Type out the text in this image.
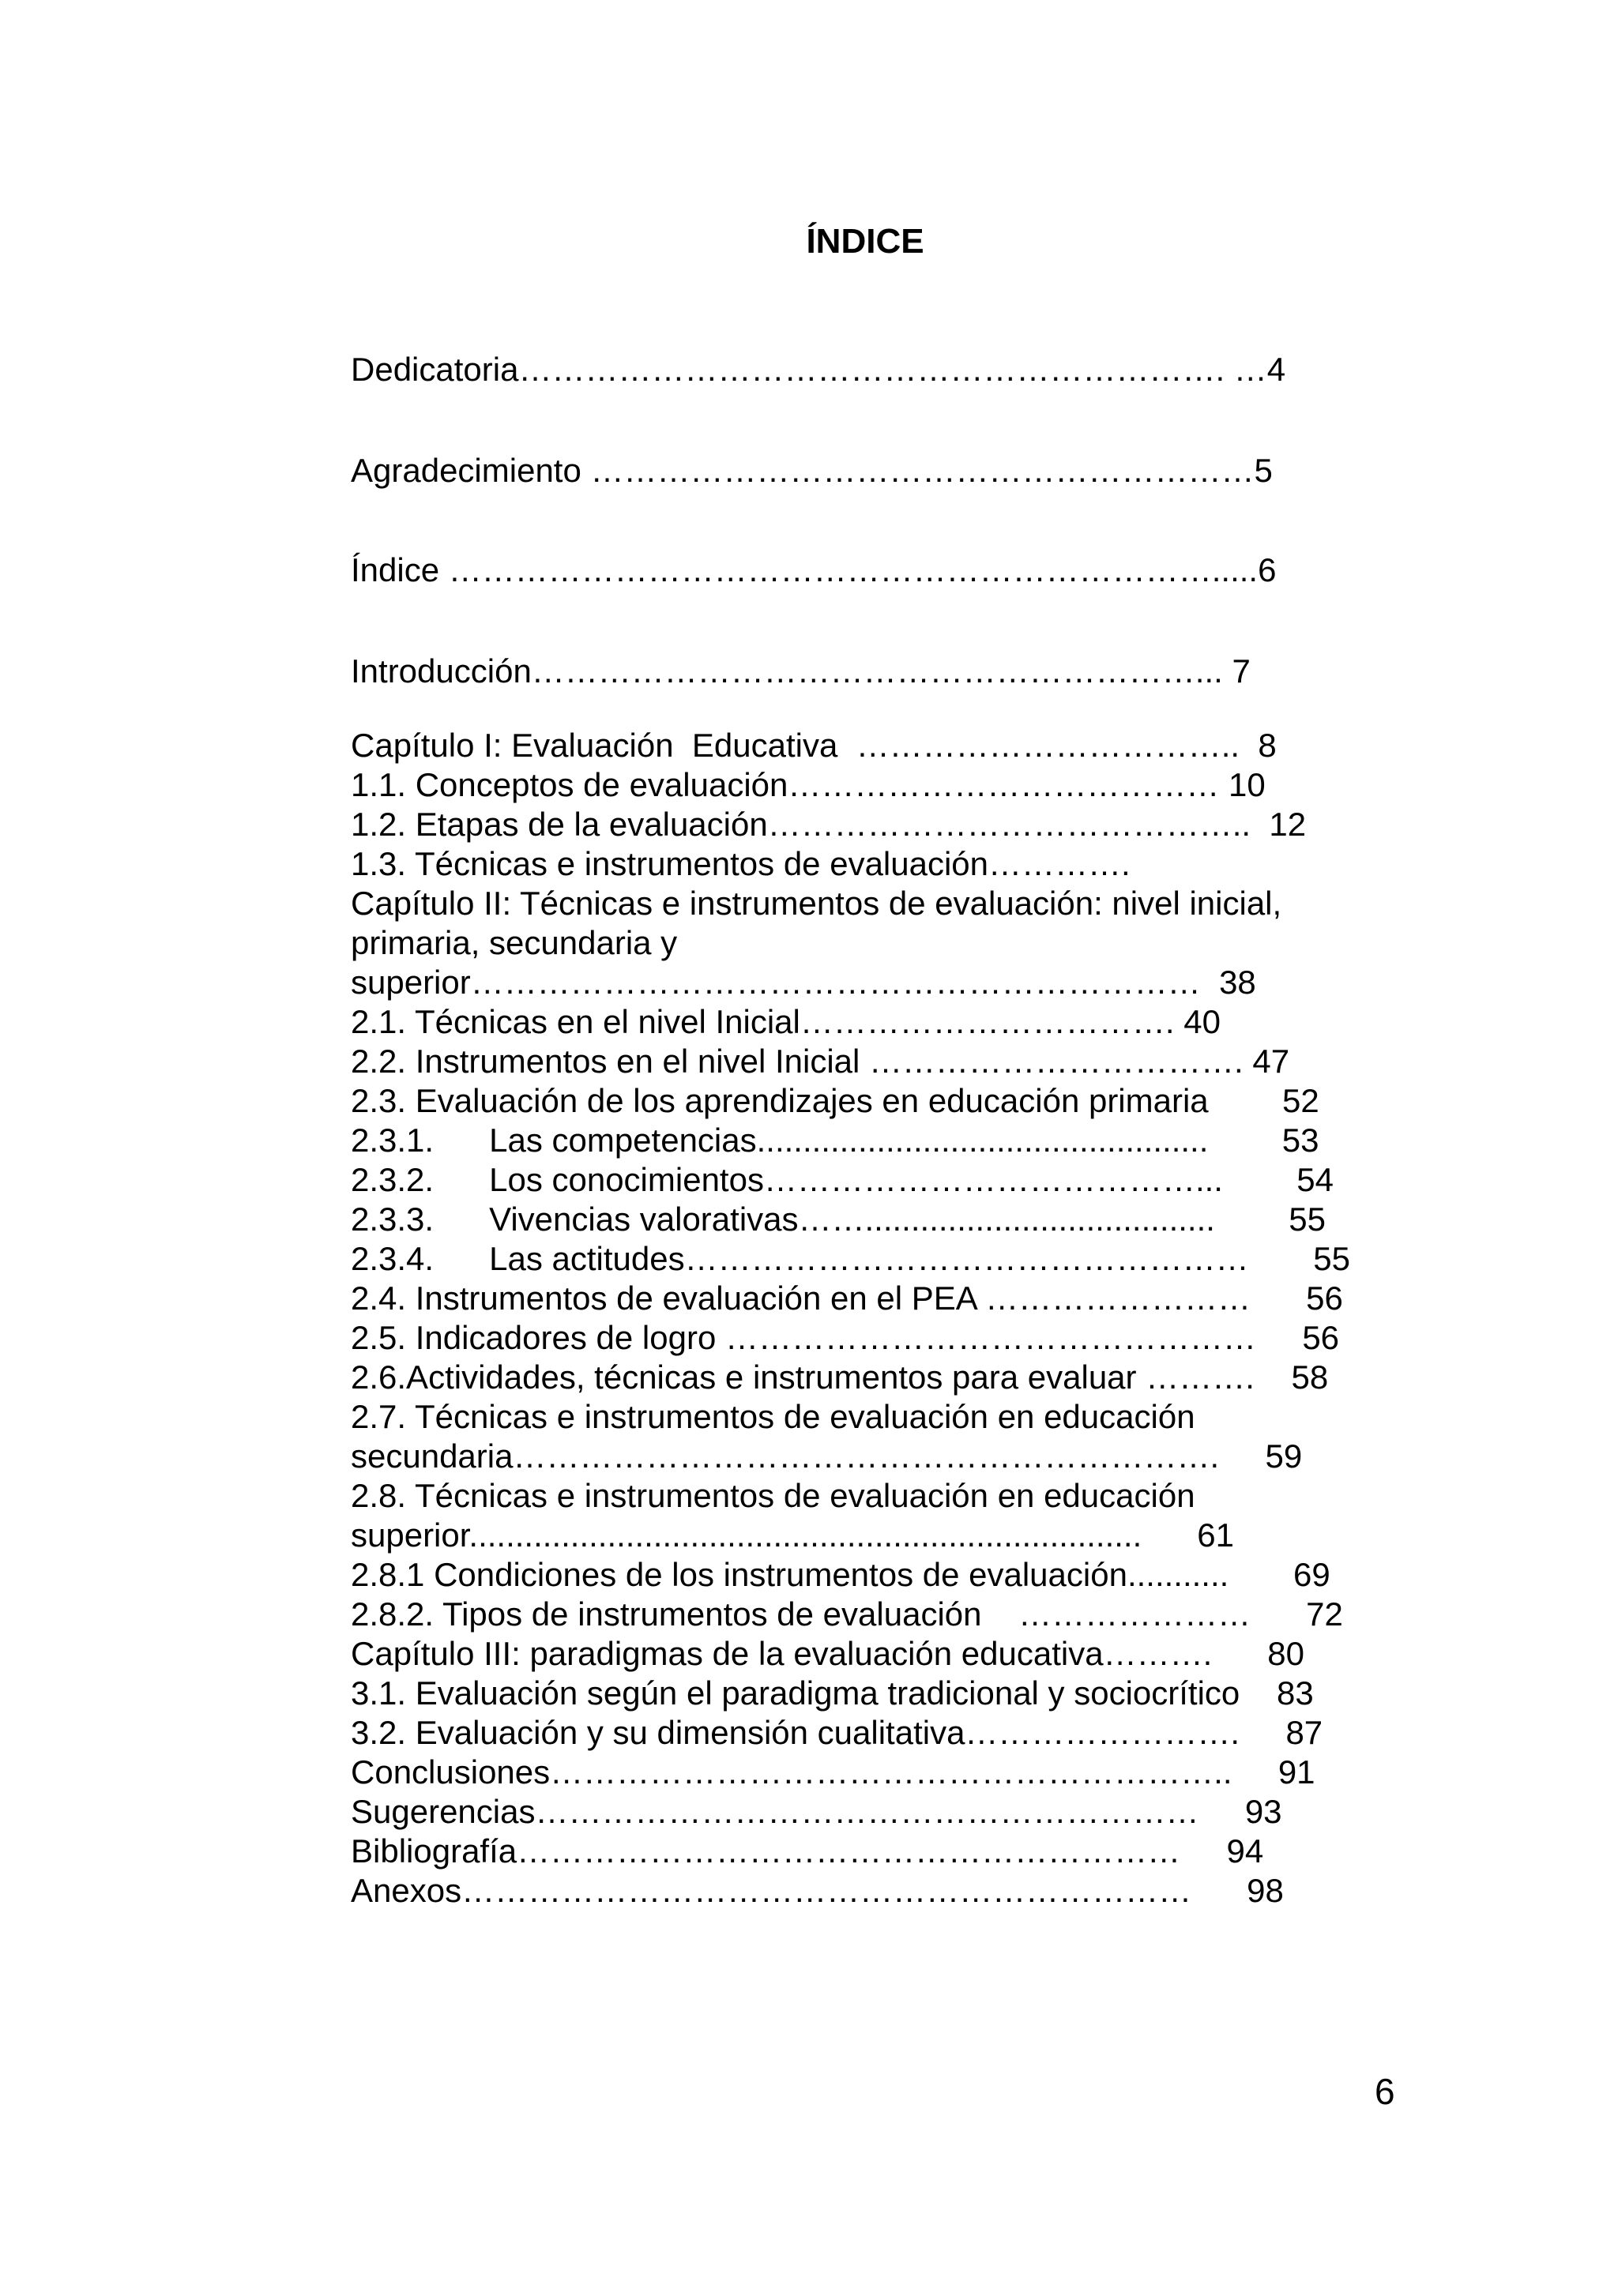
ÍNDICE
Dedicatoria………………………………………………………. …4
Agradecimiento ……………………………………………………5
Índice …………………………………………………………….....6
Introducción……………………………………………………... 7
Capítulo I: Evaluación  Educativa  ……………………………..  8
1.1. Conceptos de evaluación………………………………… 10
1.2. Etapas de la evaluación……………………………………..  12
1.3. Técnicas e instrumentos de evaluación………….
Capítulo II: Técnicas e instrumentos de evaluación: nivel inicial,
primaria, secundaria y
superior…………………………………………………………  38
2.1. Técnicas en el nivel Inicial……………………………. 40
2.2. Instrumentos en el nivel Inicial ……………………………. 47
2.3. Evaluación de los aprendizajes en educación primaria        52
2.3.1.      Las competencias.................................................        53
2.3.2.      Los conocimientos…………………………………...        54
2.3.3.      Vivencias valorativas……......................................        55
2.3.4.      Las actitudes……………………………………………       55
2.4. Instrumentos de evaluación en el PEA ……………………      56
2.5. Indicadores de logro …………………………………………     56
2.6.Actividades, técnicas e instrumentos para evaluar ……….    58
2.7. Técnicas e instrumentos de evaluación en educación
secundaria……………………………………………………….     59
2.8. Técnicas e instrumentos de evaluación en educación
superior.........................................................................      61
2.8.1 Condiciones de los instrumentos de evaluación...........       69
2.8.2. Tipos de instrumentos de evaluación    …………………      72
Capítulo III: paradigmas de la evaluación educativa……….      80
3.1. Evaluación según el paradigma tradicional y sociocrítico    83
3.2. Evaluación y su dimensión cualitativa…………………….     87
Conclusiones……………………………………………………..     91
Sugerencias……………………………………………………     93
Bibliografía……………………………………………………     94
Anexos…………………………………………………………      98
6
